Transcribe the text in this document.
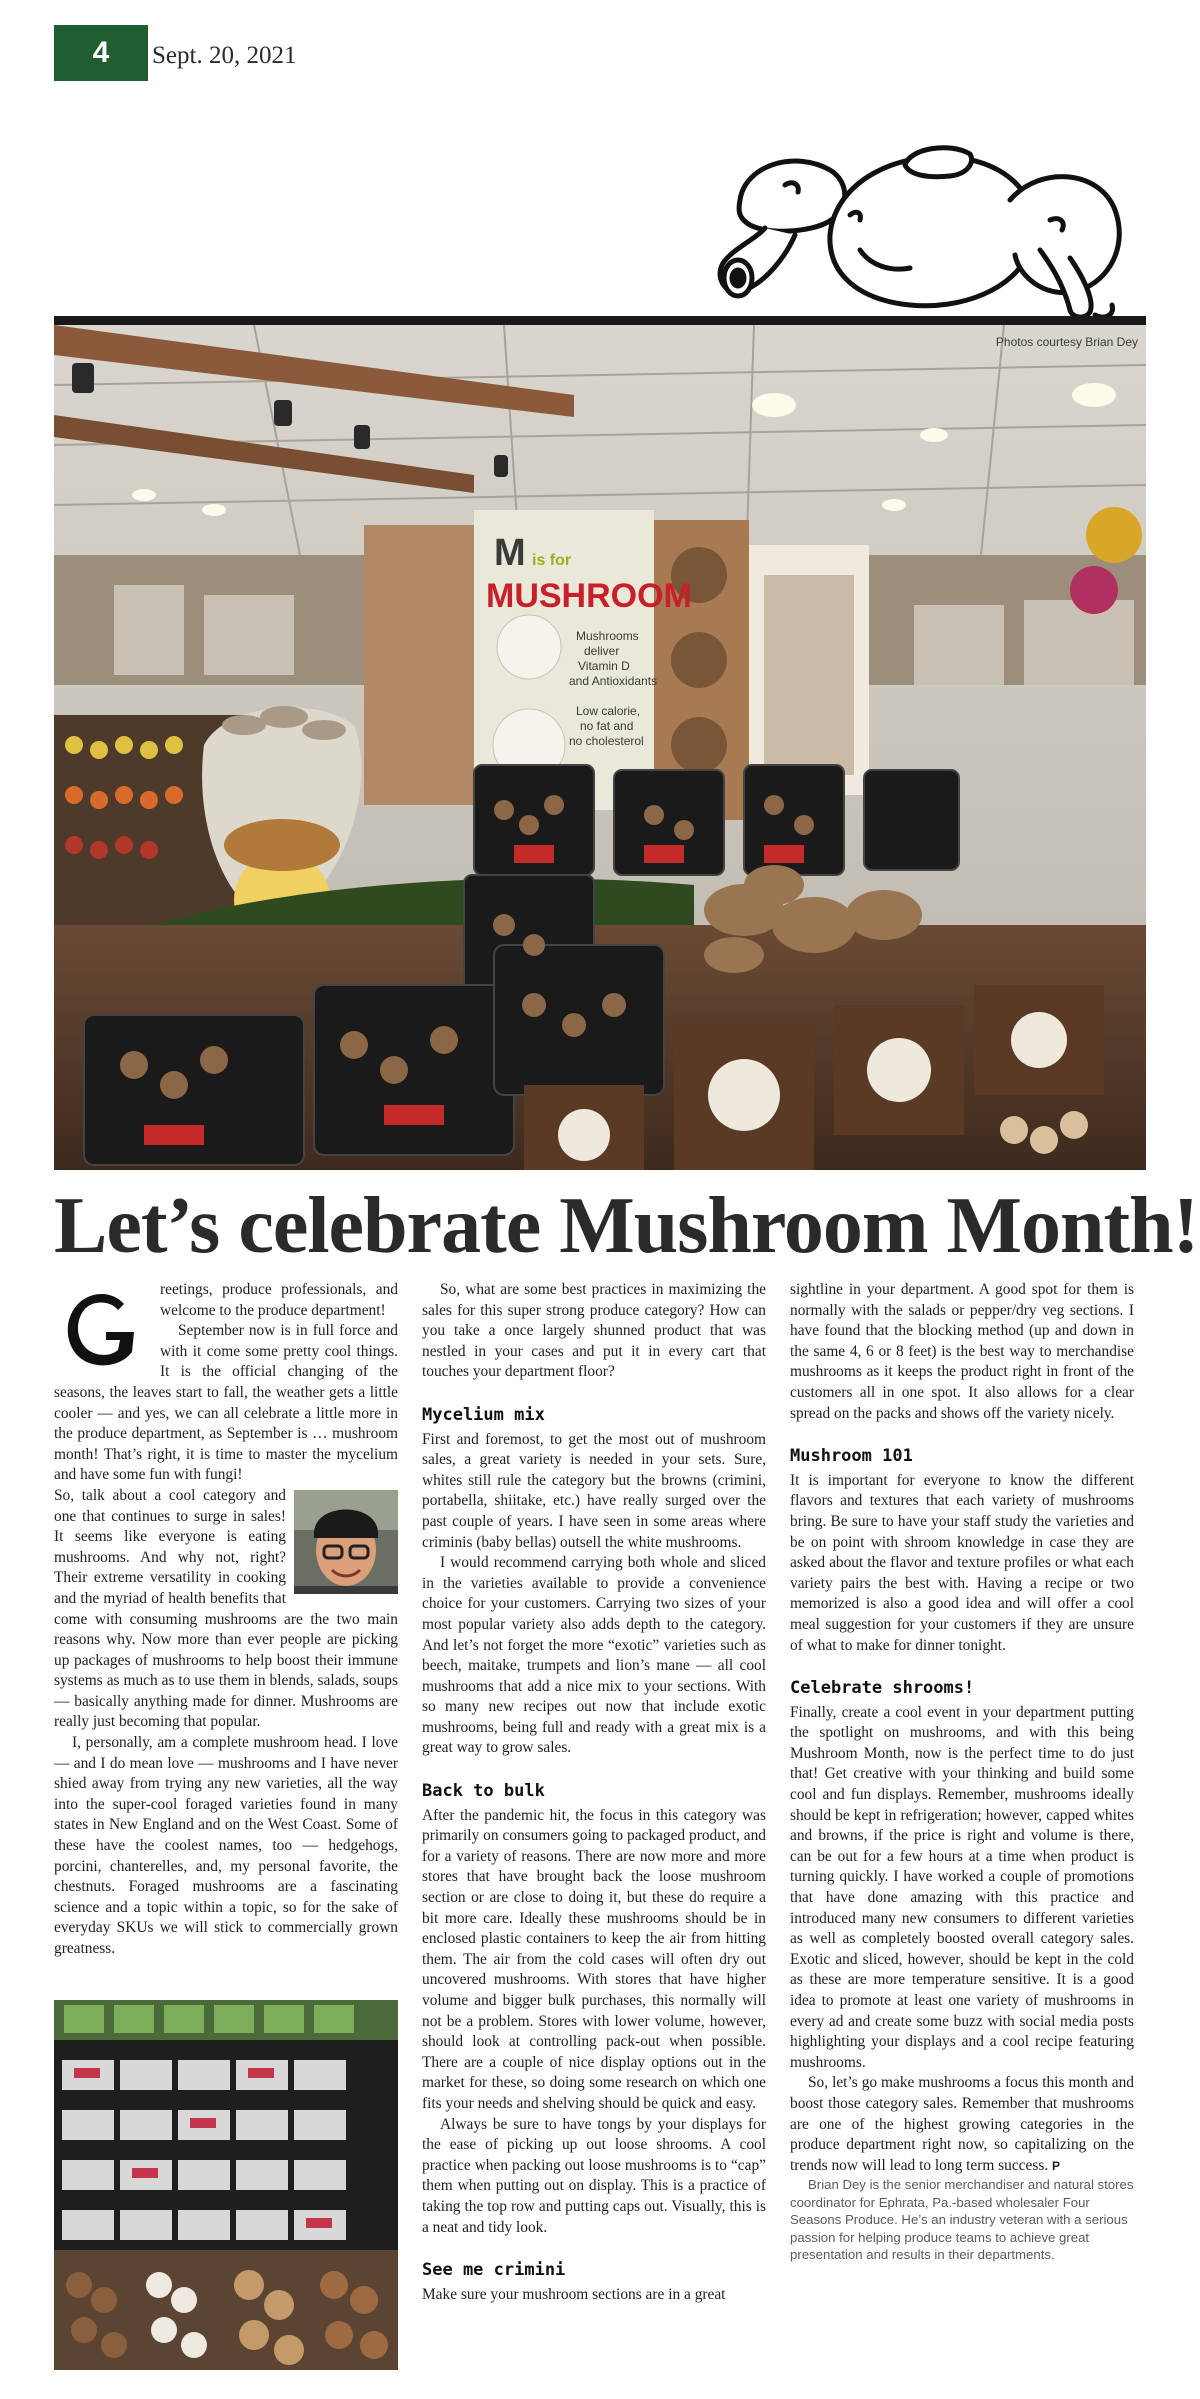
4	Sept. 20, 2021
M is for
MUSHROOM
Mushrooms
deliver
Vitamin D
and Antioxidants
Low calorie,
no fat and
no cholesterol
Photos courtesy Brian Dey
Let’s celebrate Mushroom Month!

reetings, produce professionals, and welcome to the produce department!

September now is in full force and with it come some pretty cool things. It is the official changing of the seasons, the leaves start to fall, the weather gets a little cooler — and yes, we can all celebrate a little more in the produce department, as September is … mushroom month! That’s right, it is time to master the mycelium and have some fun with fungi!

So, talk about a cool category and one that continues to surge in sales! It seems like everyone is eating mushrooms. And why not, right? Their extreme versatility in cooking and the myriad of health benefits that come with consuming mushrooms are the two main reasons why. Now more than ever people are picking up packages of mushrooms to help boost their immune systems as much as to use them in blends, salads, soups — basically anything made for dinner. Mushrooms are really just becoming that popular.

I, personally, am a complete mushroom head. I love — and I do mean love — mushrooms and I have never shied away from trying any new varieties, all the way into the super-cool foraged varieties found in many states in New England and on the West Coast. Some of these have the coolest names, too — hedgehogs, porcini, chanterelles, and, my personal favorite, the chestnuts. Foraged mushrooms are a fascinating science and a topic within a topic, so for the sake of everyday SKUs we will stick to commercially grown greatness.

So, what are some best practices in maximizing the sales for this super strong produce category? How can you take a once largely shunned product that was nestled in your cases and put it in every cart that touches your department floor?

Mycelium mix

First and foremost, to get the most out of mushroom sales, a great variety is needed in your sets. Sure, whites still rule the category but the browns (crimini, portabella, shiitake, etc.) have really surged over the past couple of years. I have seen in some areas where criminis (baby bellas) outsell the white mushrooms.

I would recommend carrying both whole and sliced in the varieties available to provide a convenience choice for your customers. Carrying two sizes of your most popular variety also adds depth to the category. And let’s not forget the more “exotic” varieties such as beech, maitake, trumpets and lion’s mane — all cool mushrooms that add a nice mix to your sections. With so many new recipes out now that include exotic mushrooms, being full and ready with a great mix is a great way to grow sales.

Back to bulk

After the pandemic hit, the focus in this category was primarily on consumers going to packaged product, and for a variety of reasons. There are now more and more stores that have brought back the loose mushroom section or are close to doing it, but these do require a bit more care. Ideally these mushrooms should be in enclosed plastic containers to keep the air from hitting them. The air from the cold cases will often dry out uncovered mushrooms. With stores that have higher volume and bigger bulk purchases, this normally will not be a problem. Stores with lower volume, however, should look at controlling pack-out when possible. There are a couple of nice display options out in the market for these, so doing some research on which one fits your needs and shelving should be quick and easy.

Always be sure to have tongs by your displays for the ease of picking up out loose shrooms. A cool practice when packing out loose mushrooms is to “cap” them when putting out on display. This is a practice of taking the top row and putting caps out. Visually, this is a neat and tidy look.

See me crimini

Make sure your mushroom sections are in a great

sightline in your department. A good spot for them is normally with the salads or pepper/dry veg sections. I have found that the blocking method (up and down in the same 4, 6 or 8 feet) is the best way to merchandise mushrooms as it keeps the product right in front of the customers all in one spot. It also allows for a clear spread on the packs and shows off the variety nicely.

Mushroom 101

It is important for everyone to know the different flavors and textures that each variety of mushrooms bring. Be sure to have your staff study the varieties and be on point with shroom knowledge in case they are asked about the flavor and texture profiles or what each variety pairs the best with. Having a recipe or two memorized is also a good idea and will offer a cool meal suggestion for your customers if they are unsure of what to make for dinner tonight.

Celebrate shrooms!

Finally, create a cool event in your department putting the spotlight on mushrooms, and with this being Mushroom Month, now is the perfect time to do just that! Get creative with your thinking and build some cool and fun displays. Remember, mushrooms ideally should be kept in refrigeration; however, capped whites and browns, if the price is right and volume is there, can be out for a few hours at a time when product is turning quickly. I have worked a couple of promotions that have done amazing with this practice and introduced many new consumers to different varieties as well as completely boosted overall category sales. Exotic and sliced, however, should be kept in the cold as these are more temperature sensitive. It is a good idea to promote at least one variety of mushrooms in every ad and create some buzz with social media posts highlighting your displays and a cool recipe featuring mushrooms.

So, let’s go make mushrooms a focus this month and boost those category sales. Remember that mushrooms are one of the highest growing categories in the produce department right now, so capitalizing on the trends now will lead to long term success. P

Brian Dey is the senior merchandiser and natural stores coordinator for Ephrata, Pa.-based wholesaler Four Seasons Produce. He’s an industry veteran with a serious passion for helping produce teams to achieve great presentation and results in their departments.
